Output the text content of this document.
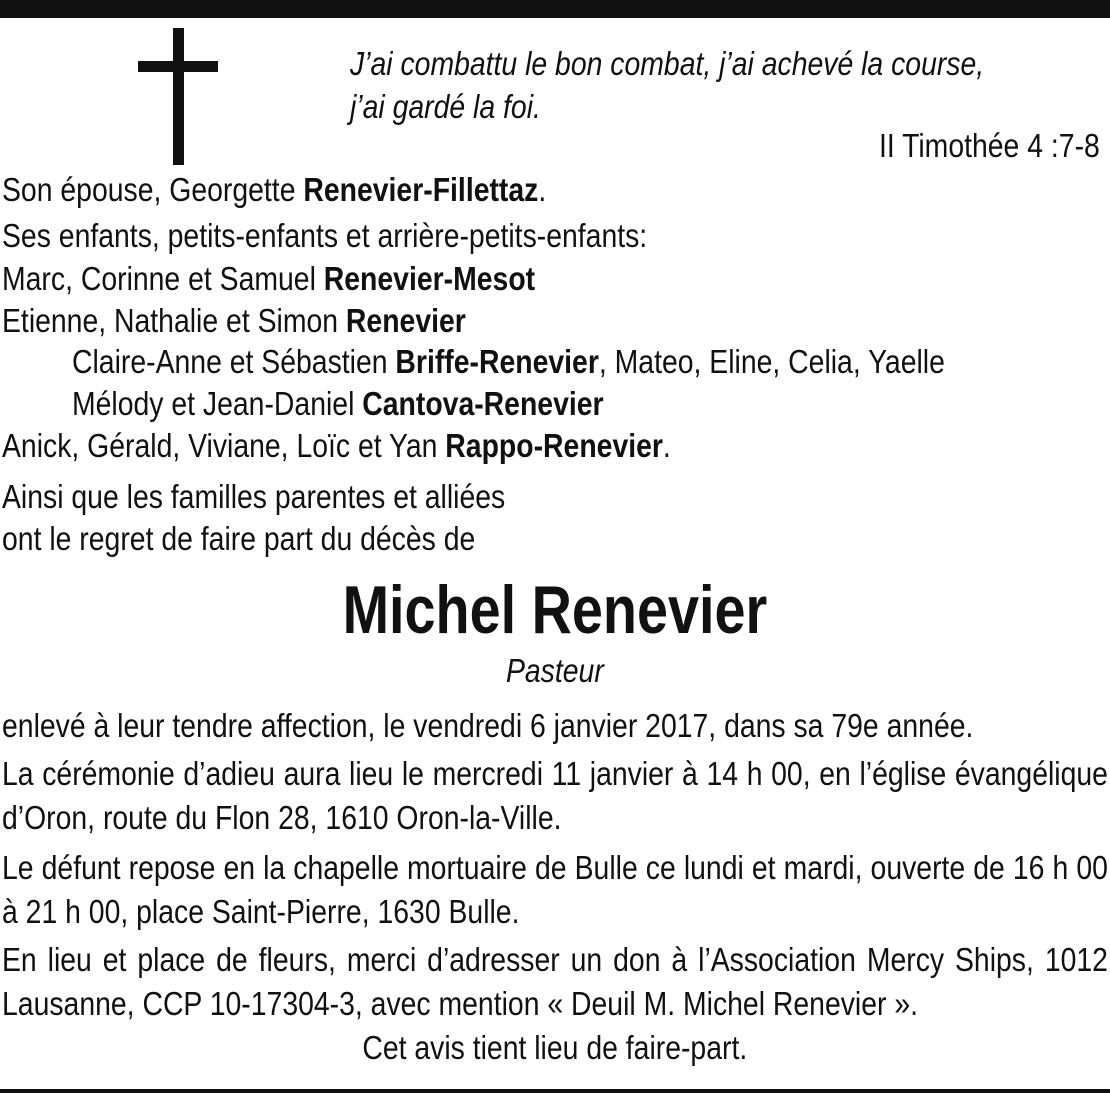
J’ai combattu le bon combat, j’ai achevé la course,
j’ai gardé la foi.
II Timothée 4 :7-8
Son épouse, Georgette Renevier-Fillettaz.
Ses enfants, petits-enfants et arrière-petits-enfants:
Marc, Corinne et Samuel Renevier-Mesot
Etienne, Nathalie et Simon Renevier
Claire-Anne et Sébastien Briffe-Renevier, Mateo, Eline, Celia, Yaelle
Mélody et Jean-Daniel Cantova-Renevier
Anick, Gérald, Viviane, Loïc et Yan Rappo-Renevier.
Ainsi que les familles parentes et alliées
ont le regret de faire part du décès de
Michel Renevier
Pasteur
enlevé à leur tendre affection, le vendredi 6 janvier 2017, dans sa 79e année.
La cérémonie d’adieu aura lieu le mercredi 11 janvier à 14 h 00, en l’église évangélique d’Oron, route du Flon 28, 1610 Oron-la-Ville.
Le défunt repose en la chapelle mortuaire de Bulle ce lundi et mardi, ouverte de 16 h 00 à 21 h 00, place Saint-Pierre, 1630 Bulle.
En lieu et place de fleurs, merci d’adresser un don à l’Association Mercy Ships, 1012 Lausanne, CCP 10-17304-3, avec mention « Deuil M. Michel Renevier ».
Cet avis tient lieu de faire-part.
